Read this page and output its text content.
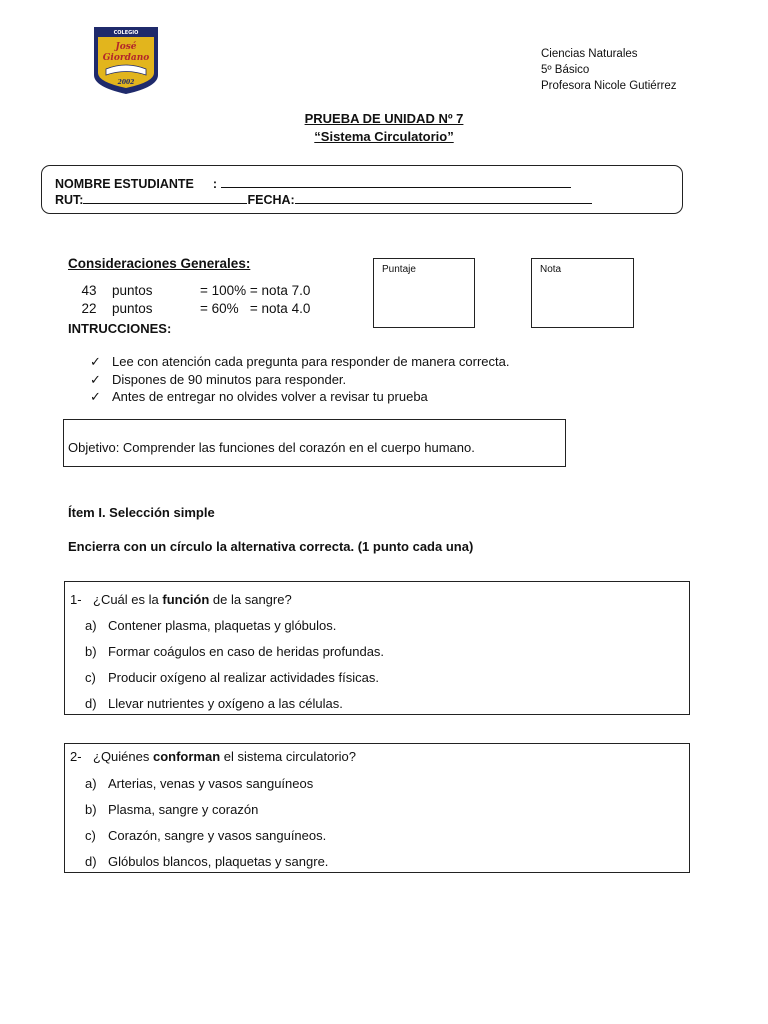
COLEGIO
José
Giordano
2002
Ciencias Naturales
5º Básico
Profesora Nicole Gutiérrez
PRUEBA DE UNIDAD Nº 7
“Sistema Circulatorio”
NOMBRE ESTUDIANTE :
RUT:	FECHA:
Consideraciones Generales:
43 puntos	= 100% = nota 7.0
22 puntos	= 60%   = nota 4.0
INTRUCCIONES:
Puntaje	Nota
✓ Lee con atención cada pregunta para responder de manera correcta.
✓ Dispones de 90 minutos para responder.
✓ Antes de entregar no olvides volver a revisar tu prueba
Objetivo: Comprender las funciones del corazón en el cuerpo humano.
Ítem I. Selección simple
Encierra con un círculo la alternativa correcta. (1 punto cada una)
1- ¿Cuál es la función de la sangre?
a) Contener plasma, plaquetas y glóbulos.
b) Formar coágulos en caso de heridas profundas.
c) Producir oxígeno al realizar actividades físicas.
d) Llevar nutrientes y oxígeno a las células.
2- ¿Quiénes conforman el sistema circulatorio?
a) Arterias, venas y vasos sanguíneos
b) Plasma, sangre y corazón
c) Corazón, sangre y vasos sanguíneos.
d) Glóbulos blancos, plaquetas y sangre.
